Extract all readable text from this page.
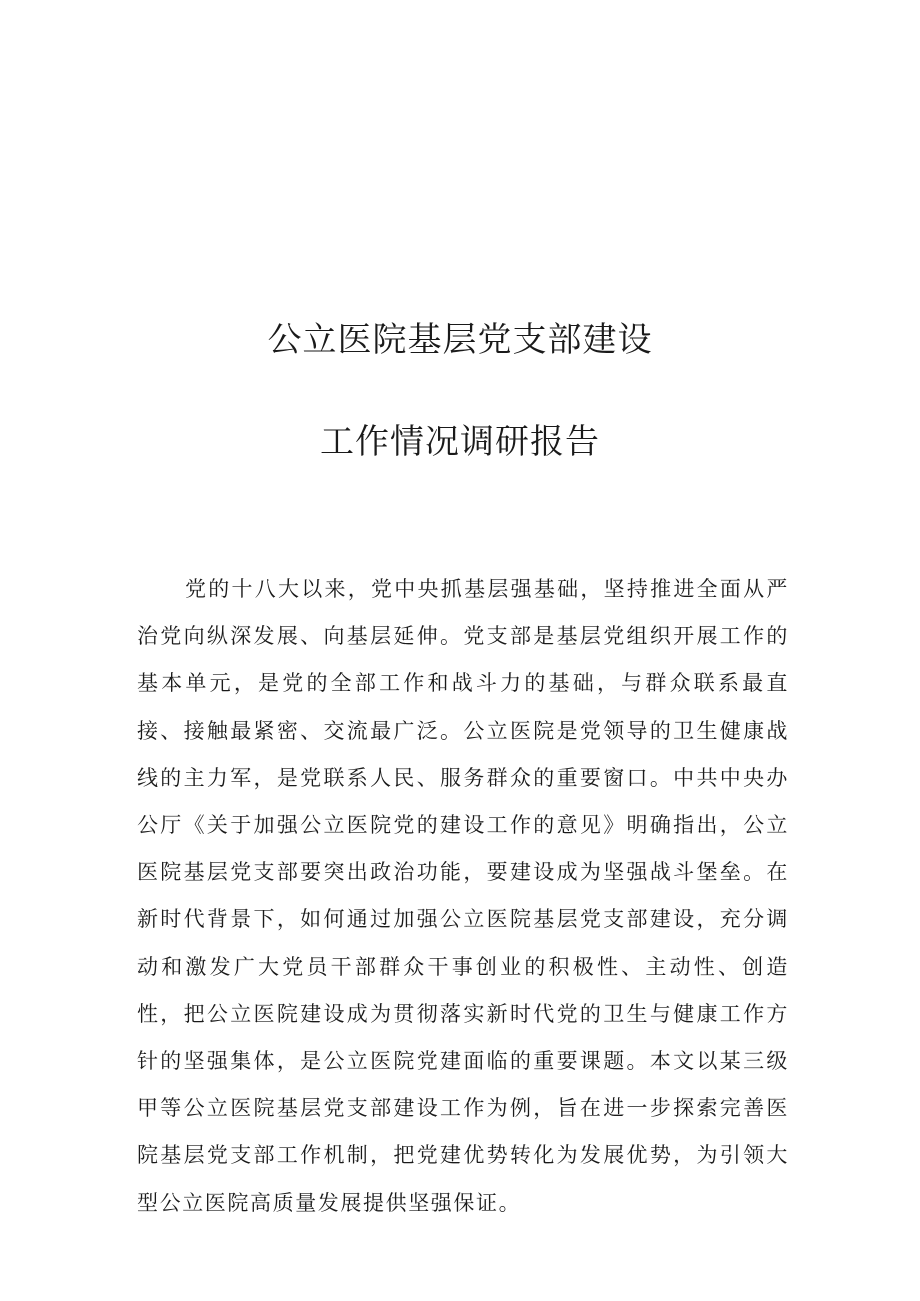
公立医院基层党支部建设
工作情况调研报告

党的十八大以来，党中央抓基层强基础，坚持推进全面从严治党向纵深发展、向基层延伸。党支部是基层党组织开展工作的基本单元，是党的全部工作和战斗力的基础，与群众联系最直接、接触最紧密、交流最广泛。公立医院是党领导的卫生健康战线的主力军，是党联系人民、服务群众的重要窗口。中共中央办公厅《关于加强公立医院党的建设工作的意见》明确指出，公立医院基层党支部要突出政治功能，要建设成为坚强战斗堡垒。在新时代背景下，如何通过加强公立医院基层党支部建设，充分调动和激发广大党员干部群众干事创业的积极性、主动性、创造性，把公立医院建设成为贯彻落实新时代党的卫生与健康工作方针的坚强集体，是公立医院党建面临的重要课题。本文以某三级甲等公立医院基层党支部建设工作为例，旨在进一步探索完善医院基层党支部工作机制，把党建优势转化为发展优势，为引领大型公立医院高质量发展提供坚强保证。
